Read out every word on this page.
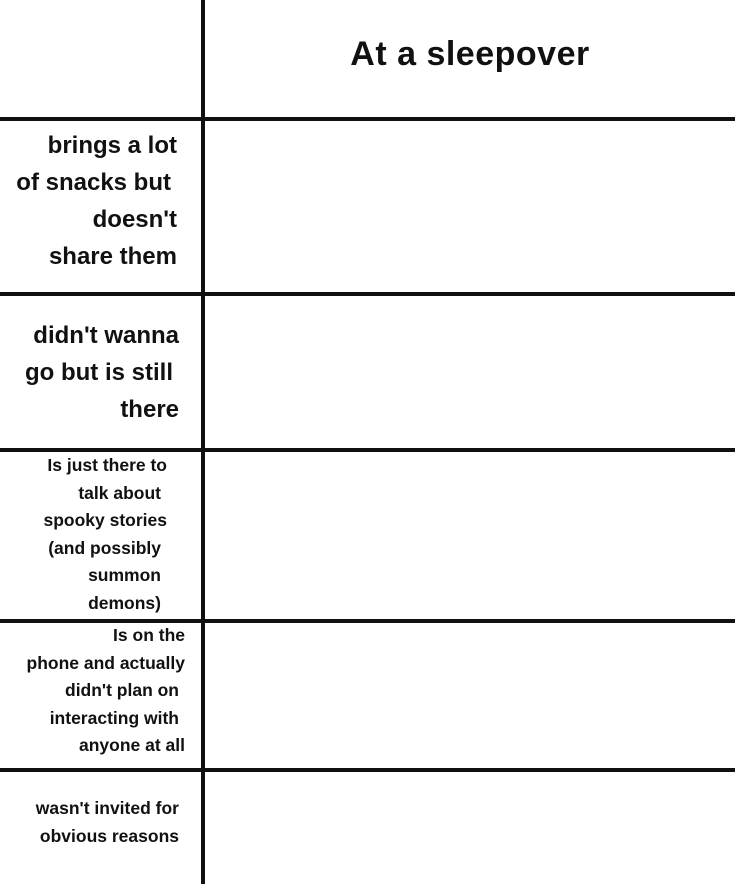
At a sleepover
brings a lot
of snacks but
doesn't
share them
didn't wanna
go but is still
there
Is just there to
talk about
spooky stories
(and possibly
summon
demons)
Is on the
phone and actually
didn't plan on
interacting with
anyone at all
wasn't invited for
obvious reasons
